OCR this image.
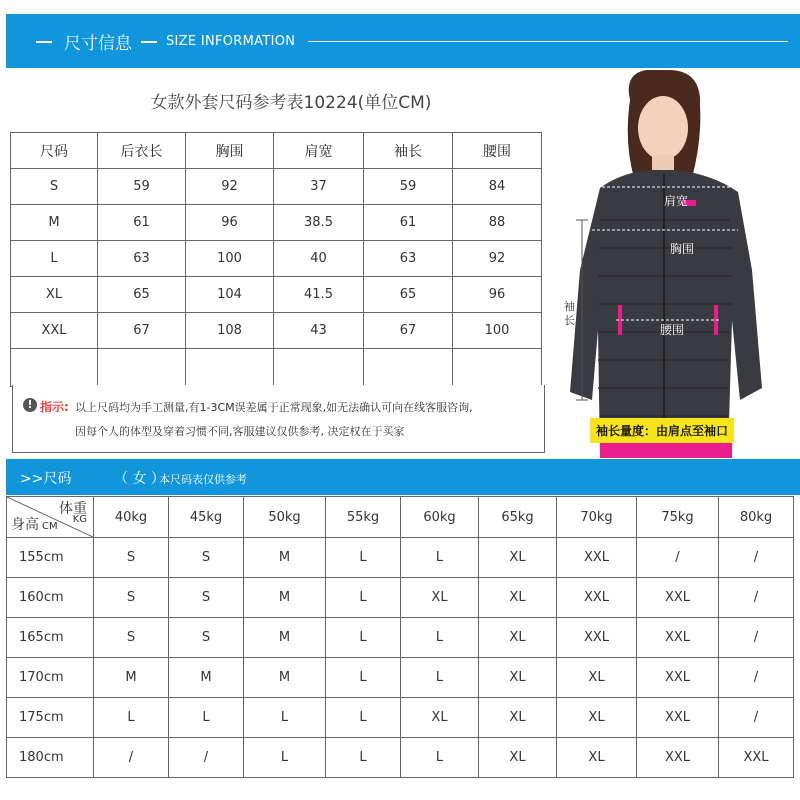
尺寸信息	SIZE INFORMATION
女款外套尺码参考表10224(单位CM)
尺码	后衣长	胸围	肩宽	袖长	腰围
S	59	92	37	59	84
M	61	96	38.5	61	88
L	63	100	40	63	92
XL	65	104	41.5	65	96
XXL	67	108	43	67	100

! 指示: 以上尺码均为手工测量,有1-3CM误差属于正常现象,如无法确认可向在线客服咨询,
因每个人的体型及穿着习惯不同,客服建议仅供参考, 决定权在于买家
肩宽
胸围
腰围
袖长
袖长量度：由肩点至袖口
>>尺码	（ 女 ）
本尺码表仅供参考
体重
KG
身高 CM	40kg	45kg	50kg	55kg	60kg	65kg	70kg	75kg	80kg
155cm	S	S	M	L	L	XL	XXL	/	/
160cm	S	S	M	L	XL	XL	XXL	XXL	/
165cm	S	S	M	L	L	XL	XXL	XXL	/
170cm	M	M	M	L	L	XL	XL	XXL	/
175cm	L	L	L	L	XL	XL	XL	XXL	/
180cm	/	/	L	L	L	XL	XL	XXL	XXL
